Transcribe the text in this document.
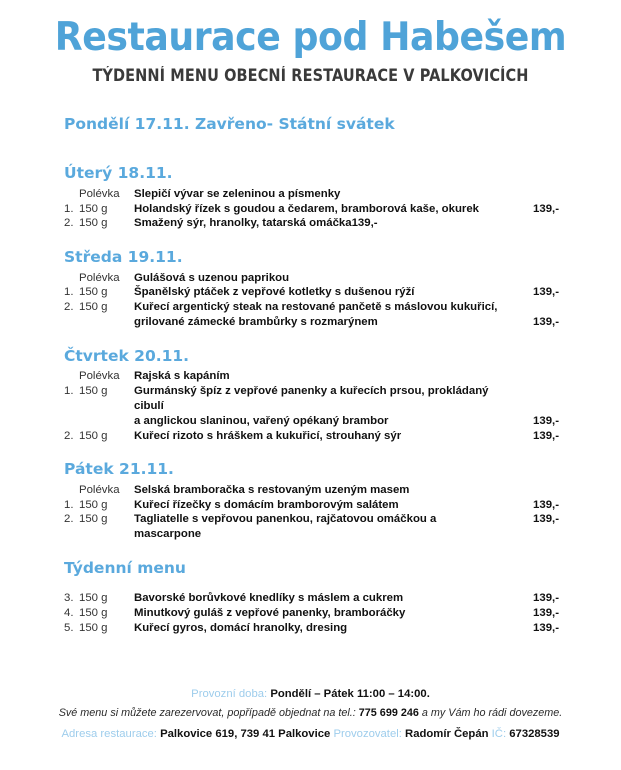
Restaurace pod Habešem
TÝDENNÍ MENU OBECNÍ RESTAURACE V PALKOVICÍCH
Pondělí 17.11. Zavřeno- Státní svátek
Úterý 18.11.
Polévka	Slepičí vývar se zeleninou a písmenky
1. 150 g	Holandský řízek s goudou a čedarem, bramborová kaše, okurek	139,-
2. 150 g	Smažený sýr, hranolky, tatarská omáčka139,-
Středa 19.11.
Polévka	Gulášová s uzenou paprikou
1. 150 g	Španělský ptáček z vepřové kotletky s dušenou rýží	139,-
2. 150 g	Kuřecí argentický steak na restované pančetě s máslovou kukuřicí,
grilované zámecké brambůrky s rozmarýnem	139,-
Čtvrtek 20.11.
Polévka	Rajská s kapáním
1. 150 g	Gurmánský špíz z vepřové panenky a kuřecích prsou, prokládaný cibulí
a anglickou slaninou, vařený opékaný brambor	139,-
2. 150 g	Kuřecí rizoto s hráškem a kukuřicí, strouhaný sýr	139,-
Pátek 21.11.
Polévka	Selská bramboračka s restovaným uzeným masem
1. 150 g	Kuřecí řízečky s domácím bramborovým salátem	139,-
2. 150 g	Tagliatelle s vepřovou panenkou, rajčatovou omáčkou a mascarpone
139,-
Týdenní menu
3. 150 g	Bavorské borůvkové knedlíky s máslem a cukrem	139,-
4. 150 g	Minutkový guláš z vepřové panenky, bramboráčky	139,-
5. 150 g	Kuřecí gyros, domácí hranolky, dresing	139,-
Provozní doba: Pondělí – Pátek 11:00 – 14:00.
Své menu si můžete zarezervovat, popřípadě objednat na tel.: 775 699 246 a my Vám ho rádi dovezeme.
Adresa restaurace: Palkovice 619, 739 41 Palkovice Provozovatel: Radomír Čepán IČ: 67328539
